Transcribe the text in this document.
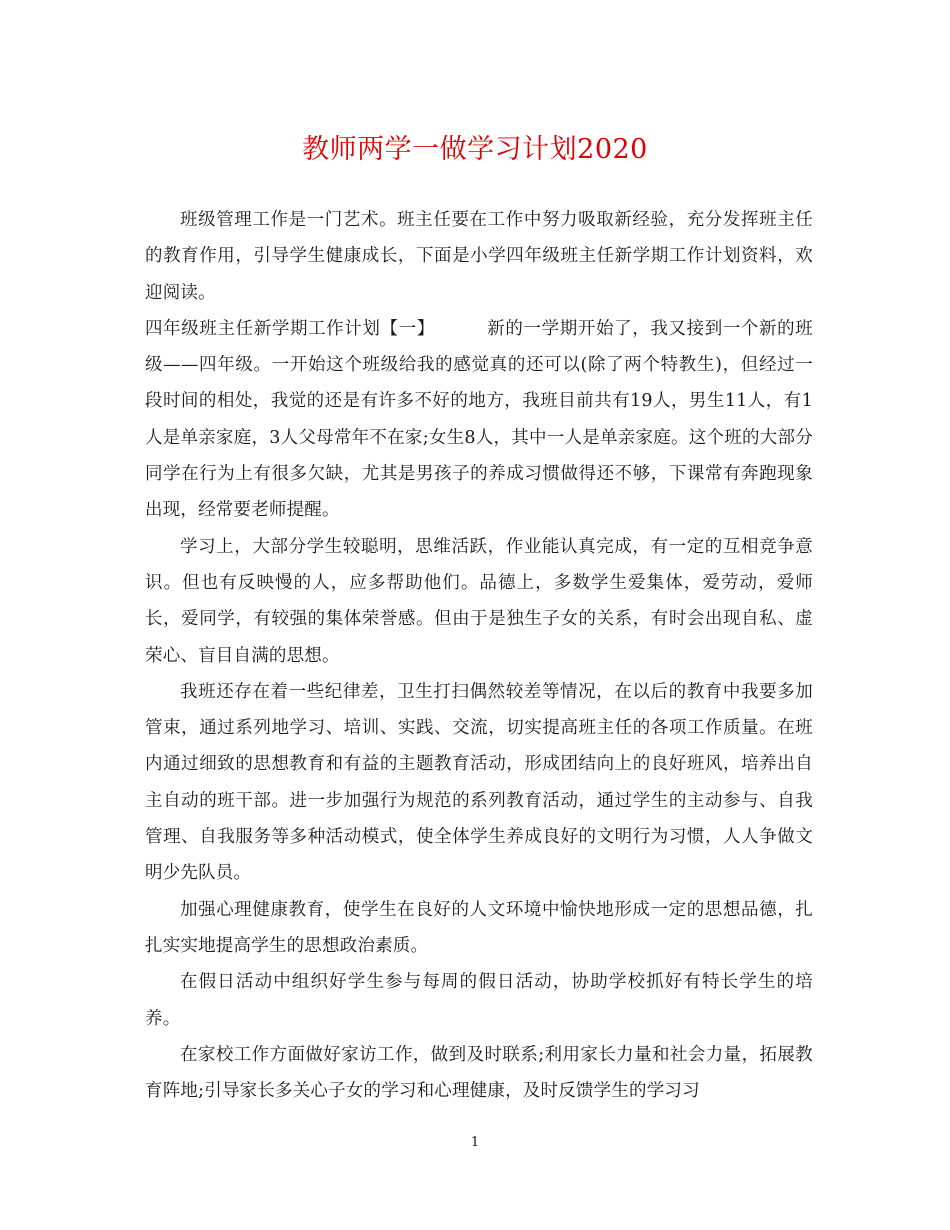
教师两学一做学习计划2020

班级管理工作是一门艺术。班主任要在工作中努力吸取新经验，充分发挥班主任的教育作用，引导学生健康成长，下面是小学四年级班主任新学期工作计划资料，欢迎阅读。

四年级班主任新学期工作计划【一】	新的一学期开始了，我又接到一个新的班级——四年级。一开始这个班级给我的感觉真的还可以(除了两个特教生)，但经过一段时间的相处，我觉的还是有许多不好的地方，我班目前共有19人，男生11人，有1人是单亲家庭，3人父母常年不在家;女生8人，其中一人是单亲家庭。这个班的大部分同学在行为上有很多欠缺，尤其是男孩子的养成习惯做得还不够，下课常有奔跑现象出现，经常要老师提醒。

学习上，大部分学生较聪明，思维活跃，作业能认真完成，有一定的互相竞争意识。但也有反映慢的人，应多帮助他们。品德上，多数学生爱集体，爱劳动，爱师长，爱同学，有较强的集体荣誉感。但由于是独生子女的关系，有时会出现自私、虚荣心、盲目自满的思想。

我班还存在着一些纪律差，卫生打扫偶然较差等情况，在以后的教育中我要多加管束，通过系列地学习、培训、实践、交流，切实提高班主任的各项工作质量。在班内通过细致的思想教育和有益的主题教育活动，形成团结向上的良好班风，培养出自主自动的班干部。进一步加强行为规范的系列教育活动，通过学生的主动参与、自我管理、自我服务等多种活动模式，使全体学生养成良好的文明行为习惯，人人争做文明少先队员。

加强心理健康教育，使学生在良好的人文环境中愉快地形成一定的思想品德，扎扎实实地提高学生的思想政治素质。

在假日活动中组织好学生参与每周的假日活动，协助学校抓好有特长学生的培养。

在家校工作方面做好家访工作，做到及时联系;利用家长力量和社会力量，拓展教育阵地;引导家长多关心子女的学习和心理健康，及时反馈学生的学习习

1
